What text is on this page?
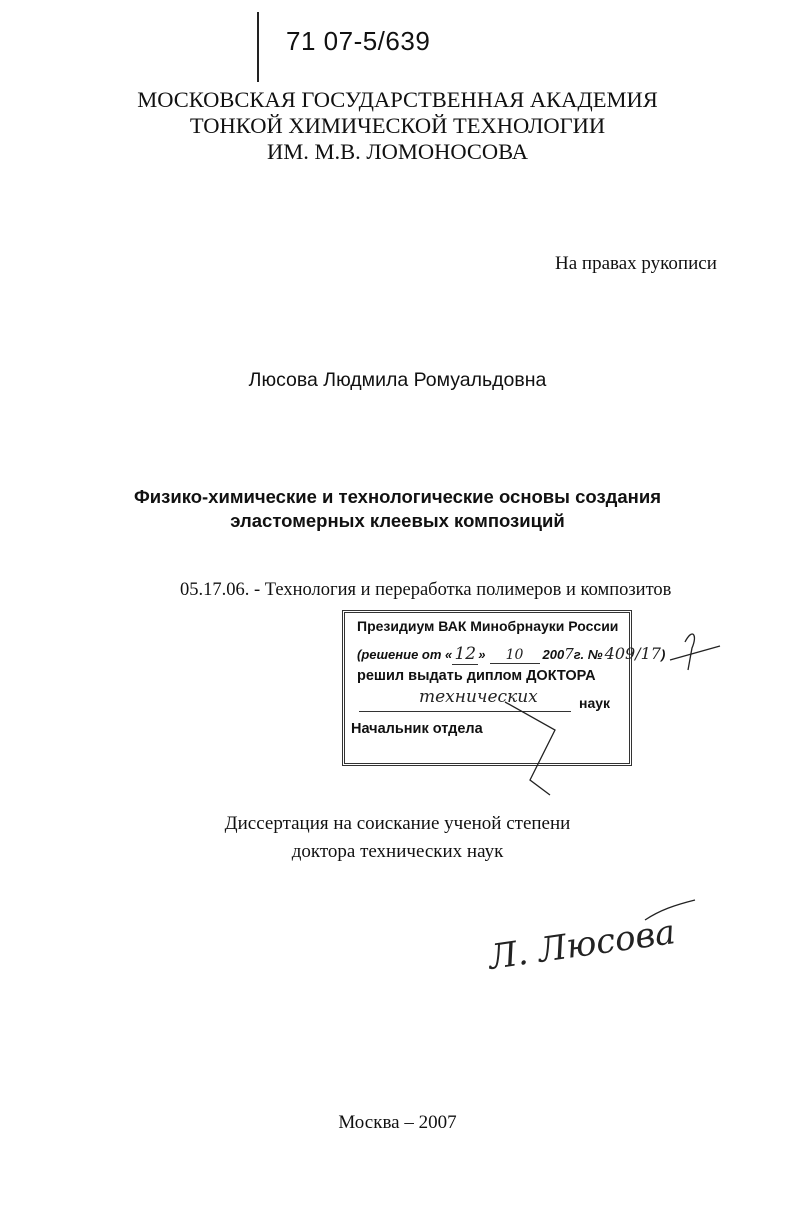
71 07-5/639
МОСКОВСКАЯ ГОСУДАРСТВЕННАЯ АКАДЕМИЯ
ТОНКОЙ ХИМИЧЕСКОЙ ТЕХНОЛОГИИ
ИМ. М.В. ЛОМОНОСОВА
На правах рукописи
Люсова Людмила Ромуальдовна
Физико-химические и технологические основы создания
эластомерных клеевых композиций
05.17.06. - Технология и переработка полимеров и композитов
Президиум ВАК Минобрнауки России
(решение от « 12 » 10 2007г. № 409/17)
решил выдать диплом ДОКТОРА
технических	наук
Начальник отдела
Диссертация на соискание ученой степени
доктора технических наук
Л. Люсова
Москва – 2007
